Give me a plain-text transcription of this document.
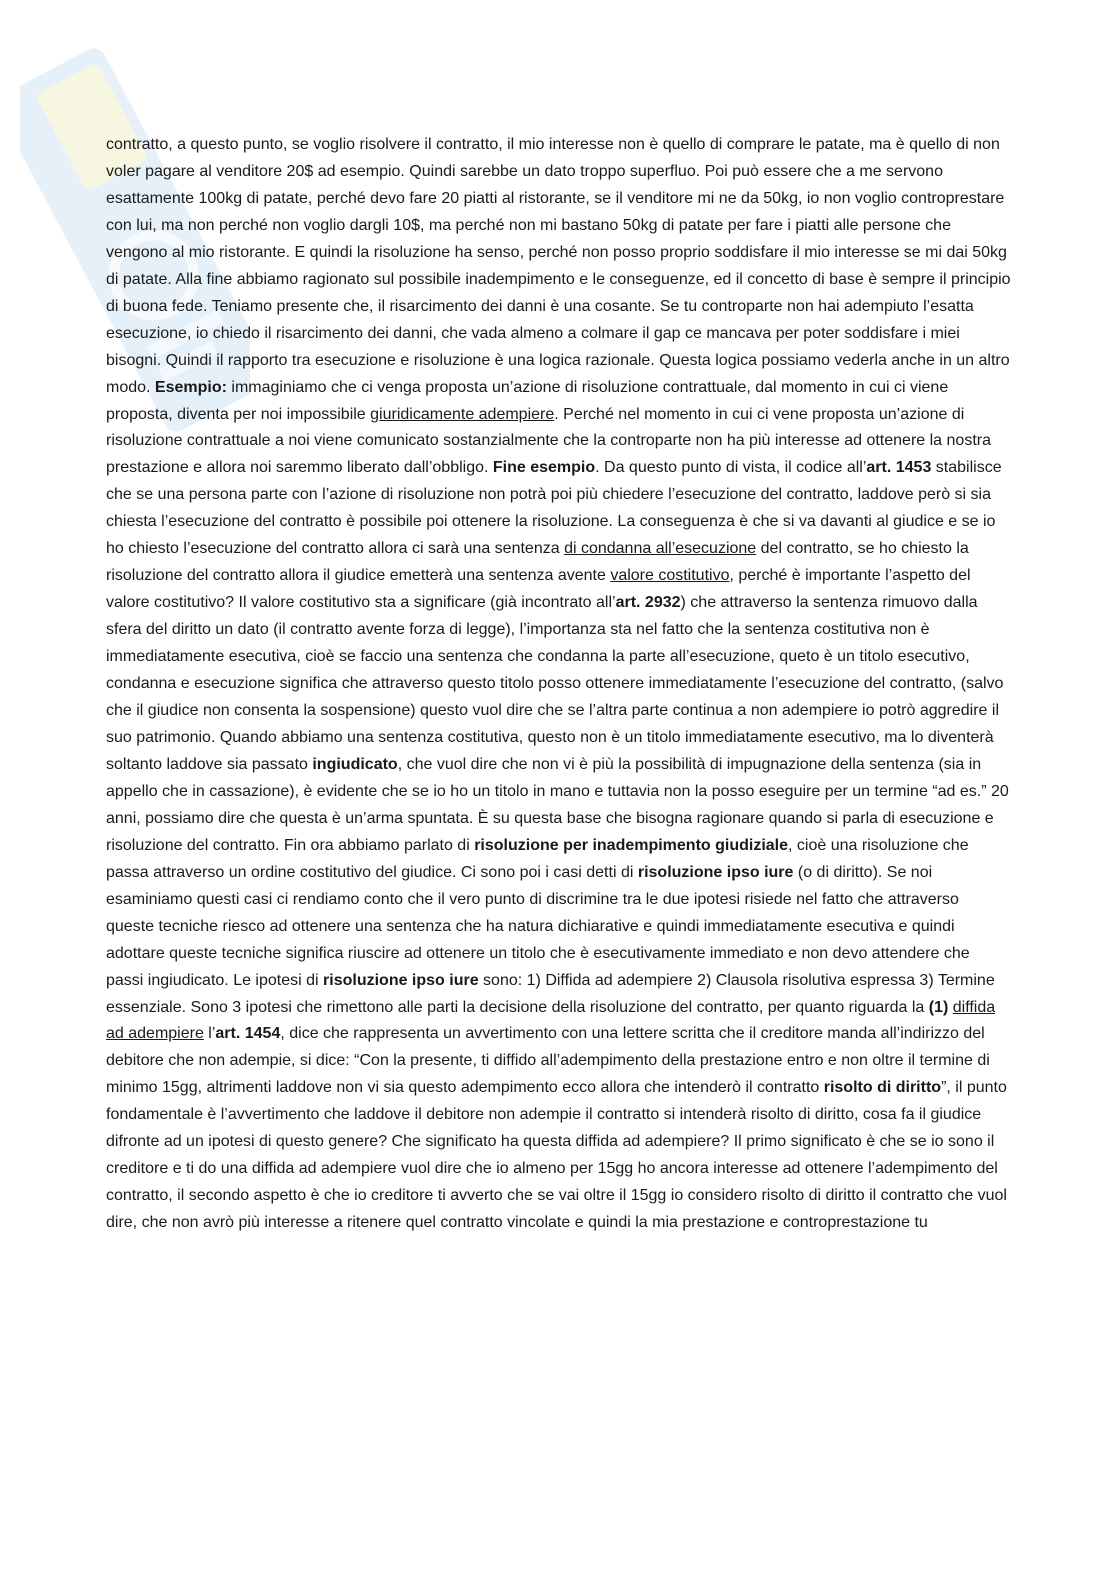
contratto, a questo punto, se voglio risolvere il contratto, il mio interesse non è quello di comprare le patate, ma è quello di non voler pagare al venditore 20$ ad esempio. Quindi sarebbe un dato troppo superfluo. Poi può essere che a me servono esattamente 100kg di patate, perché devo fare 20 piatti al ristorante, se il venditore mi ne da 50kg, io non voglio controprestare con lui, ma non perché non voglio dargli 10$, ma perché non mi bastano 50kg di patate per fare i piatti alle persone che vengono al mio ristorante. E quindi la risoluzione ha senso, perché non posso proprio soddisfare il mio interesse se mi dai 50kg di patate. Alla fine abbiamo ragionato sul possibile inadempimento e le conseguenze, ed il concetto di base è sempre il principio di buona fede. Teniamo presente che, il risarcimento dei danni è una cosante. Se tu controparte non hai adempiuto l’esatta esecuzione, io chiedo il risarcimento dei danni, che vada almeno a colmare il gap ce mancava per poter soddisfare i miei bisogni. Quindi il rapporto tra esecuzione e risoluzione è una logica razionale. Questa logica possiamo vederla anche in un altro modo. Esempio: immaginiamo che ci venga proposta un’azione di risoluzione contrattuale, dal momento in cui ci viene proposta, diventa per noi impossibile giuridicamente adempiere. Perché nel momento in cui ci vene proposta un’azione di risoluzione contrattuale a noi viene comunicato sostanzialmente che la controparte non ha più interesse ad ottenere la nostra prestazione e allora noi saremmo liberato dall’obbligo. Fine esempio. Da questo punto di vista, il codice all’art. 1453 stabilisce che se una persona parte con l’azione di risoluzione non potrà poi più chiedere l’esecuzione del contratto, laddove però si sia chiesta l’esecuzione del contratto è possibile poi ottenere la risoluzione. La conseguenza è che si va davanti al giudice e se io ho chiesto l’esecuzione del contratto allora ci sarà una sentenza di condanna all’esecuzione del contratto, se ho chiesto la risoluzione del contratto allora il giudice emetterà una sentenza avente valore costitutivo, perché è importante l’aspetto del valore costitutivo? Il valore costitutivo sta a significare (già incontrato all’art. 2932) che attraverso la sentenza rimuovo dalla sfera del diritto un dato (il contratto avente forza di legge), l’importanza sta nel fatto che la sentenza costitutiva non è immediatamente esecutiva, cioè se faccio una sentenza che condanna la parte all’esecuzione, queto è un titolo esecutivo, condanna e esecuzione significa che attraverso questo titolo posso ottenere immediatamente l’esecuzione del contratto, (salvo che il giudice non consenta la sospensione) questo vuol dire che se l’altra parte continua a non adempiere io potrò aggredire il suo patrimonio. Quando abbiamo una sentenza costitutiva, questo non è un titolo immediatamente esecutivo, ma lo diventerà soltanto laddove sia passato ingiudicato, che vuol dire che non vi è più la possibilità di impugnazione della sentenza (sia in appello che in cassazione), è evidente che se io ho un titolo in mano e tuttavia non la posso eseguire per un termine “ad es.” 20 anni, possiamo dire che questa è un’arma spuntata. È su questa base che bisogna ragionare quando si parla di esecuzione e risoluzione del contratto. Fin ora abbiamo parlato di risoluzione per inadempimento giudiziale, cioè una risoluzione che passa attraverso un ordine costitutivo del giudice. Ci sono poi i casi detti di risoluzione ipso iure (o di diritto). Se noi esaminiamo questi casi ci rendiamo conto che il vero punto di discrimine tra le due ipotesi risiede nel fatto che attraverso queste tecniche riesco ad ottenere una sentenza che ha natura dichiarative e quindi immediatamente esecutiva e quindi adottare queste tecniche significa riuscire ad ottenere un titolo che è esecutivamente immediato e non devo attendere che passi ingiudicato. Le ipotesi di risoluzione ipso iure sono: 1) Diffida ad adempiere 2) Clausola risolutiva espressa 3) Termine essenziale. Sono 3 ipotesi che rimettono alle parti la decisione della risoluzione del contratto, per quanto riguarda la (1) diffida ad adempiere l’art. 1454, dice che rappresenta un avvertimento con una lettere scritta che il creditore manda all’indirizzo del debitore che non adempie, si dice: “Con la presente, ti diffido all’adempimento della prestazione entro e non oltre il termine di minimo 15gg, altrimenti laddove non vi sia questo adempimento ecco allora che intenderò il contratto risolto di diritto”, il punto fondamentale è l’avvertimento che laddove il debitore non adempie il contratto si intenderà risolto di diritto, cosa fa il giudice difronte ad un ipotesi di questo genere? Che significato ha questa diffida ad adempiere? Il primo significato è che se io sono il creditore e ti do una diffida ad adempiere vuol dire che io almeno per 15gg ho ancora interesse ad ottenere l’adempimento del contratto, il secondo aspetto è che io creditore ti avverto che se vai oltre il 15gg io considero risolto di diritto il contratto che vuol dire, che non avrò più interesse a ritenere quel contratto vincolate e quindi la mia prestazione e controprestazione tu
